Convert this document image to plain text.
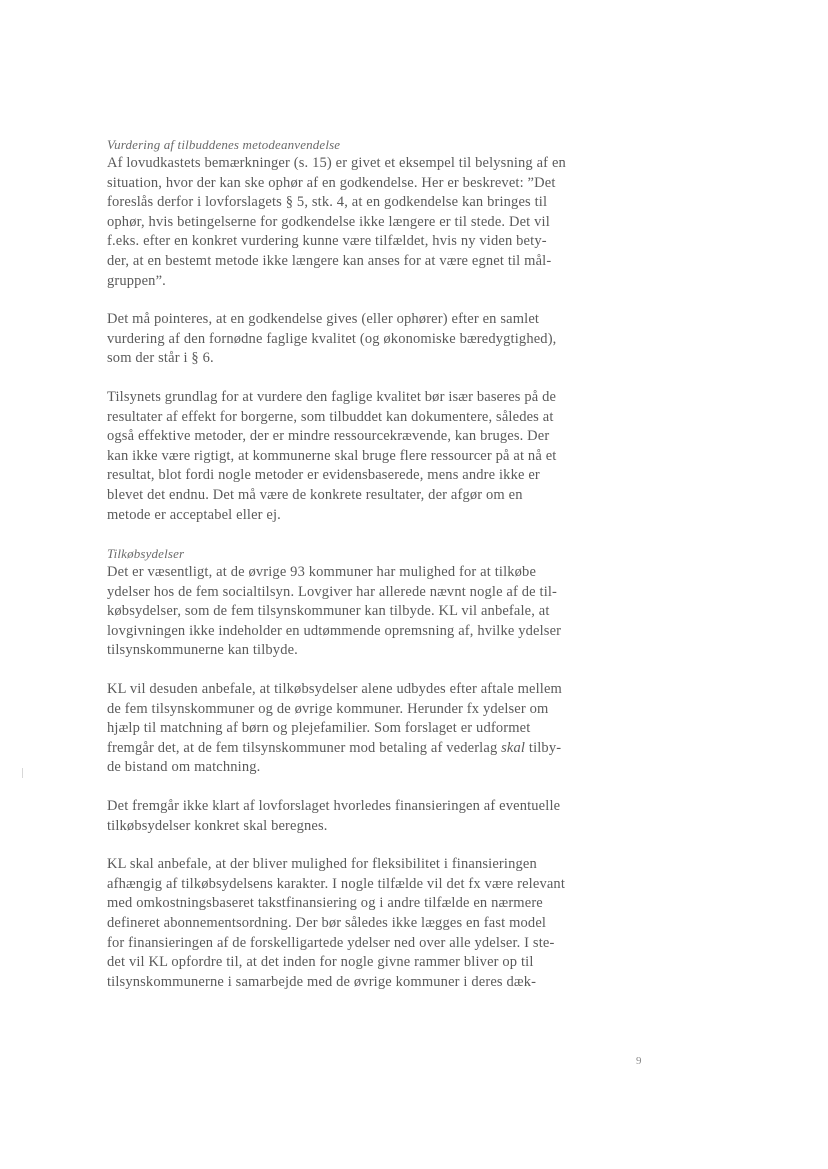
Vurdering af tilbuddenes metodeanvendelse
Af lovudkastets bemærkninger (s. 15) er givet et eksempel til belysning af en
situation, hvor der kan ske ophør af en godkendelse. Her er beskrevet: ”Det
foreslås derfor i lovforslagets § 5, stk. 4, at en godkendelse kan bringes til
ophør, hvis betingelserne for godkendelse ikke længere er til stede. Det vil
f.eks. efter en konkret vurdering kunne være tilfældet, hvis ny viden bety-
der, at en bestemt metode ikke længere kan anses for at være egnet til mål-
gruppen”.
Det må pointeres, at en godkendelse gives (eller ophører) efter en samlet
vurdering af den fornødne faglige kvalitet (og økonomiske bæredygtighed),
som der står i § 6.
Tilsynets grundlag for at vurdere den faglige kvalitet bør især baseres på de
resultater af effekt for borgerne, som tilbuddet kan dokumentere, således at
også effektive metoder, der er mindre ressourcekrævende, kan bruges. Der
kan ikke være rigtigt, at kommunerne skal bruge flere ressourcer på at nå et
resultat, blot fordi nogle metoder er evidensbaserede, mens andre ikke er
blevet det endnu. Det må være de konkrete resultater, der afgør om en
metode er acceptabel eller ej.
Tilkøbsydelser
Det er væsentligt, at de øvrige 93 kommuner har mulighed for at tilkøbe
ydelser hos de fem socialtilsyn. Lovgiver har allerede nævnt nogle af de til-
købsydelser, som de fem tilsynskommuner kan tilbyde. KL vil anbefale, at
lovgivningen ikke indeholder en udtømmende opremsning af, hvilke ydelser
tilsynskommunerne kan tilbyde.
KL vil desuden anbefale, at tilkøbsydelser alene udbydes efter aftale mellem
de fem tilsynskommuner og de øvrige kommuner. Herunder fx ydelser om
hjælp til matchning af børn og plejefamilier. Som forslaget er udformet
fremgår det, at de fem tilsynskommuner mod betaling af vederlag skal tilby-
de bistand om matchning.
Det fremgår ikke klart af lovforslaget hvorledes finansieringen af eventuelle
tilkøbsydelser konkret skal beregnes.
KL skal anbefale, at der bliver mulighed for fleksibilitet i finansieringen
afhængig af tilkøbsydelsens karakter. I nogle tilfælde vil det fx være relevant
med omkostningsbaseret takstfinansiering og i andre tilfælde en nærmere
defineret abonnementsordning. Der bør således ikke lægges en fast model
for finansieringen af de forskelligartede ydelser ned over alle ydelser. I ste-
det vil KL opfordre til, at det inden for nogle givne rammer bliver op til
tilsynskommunerne i samarbejde med de øvrige kommuner i deres dæk-
9
